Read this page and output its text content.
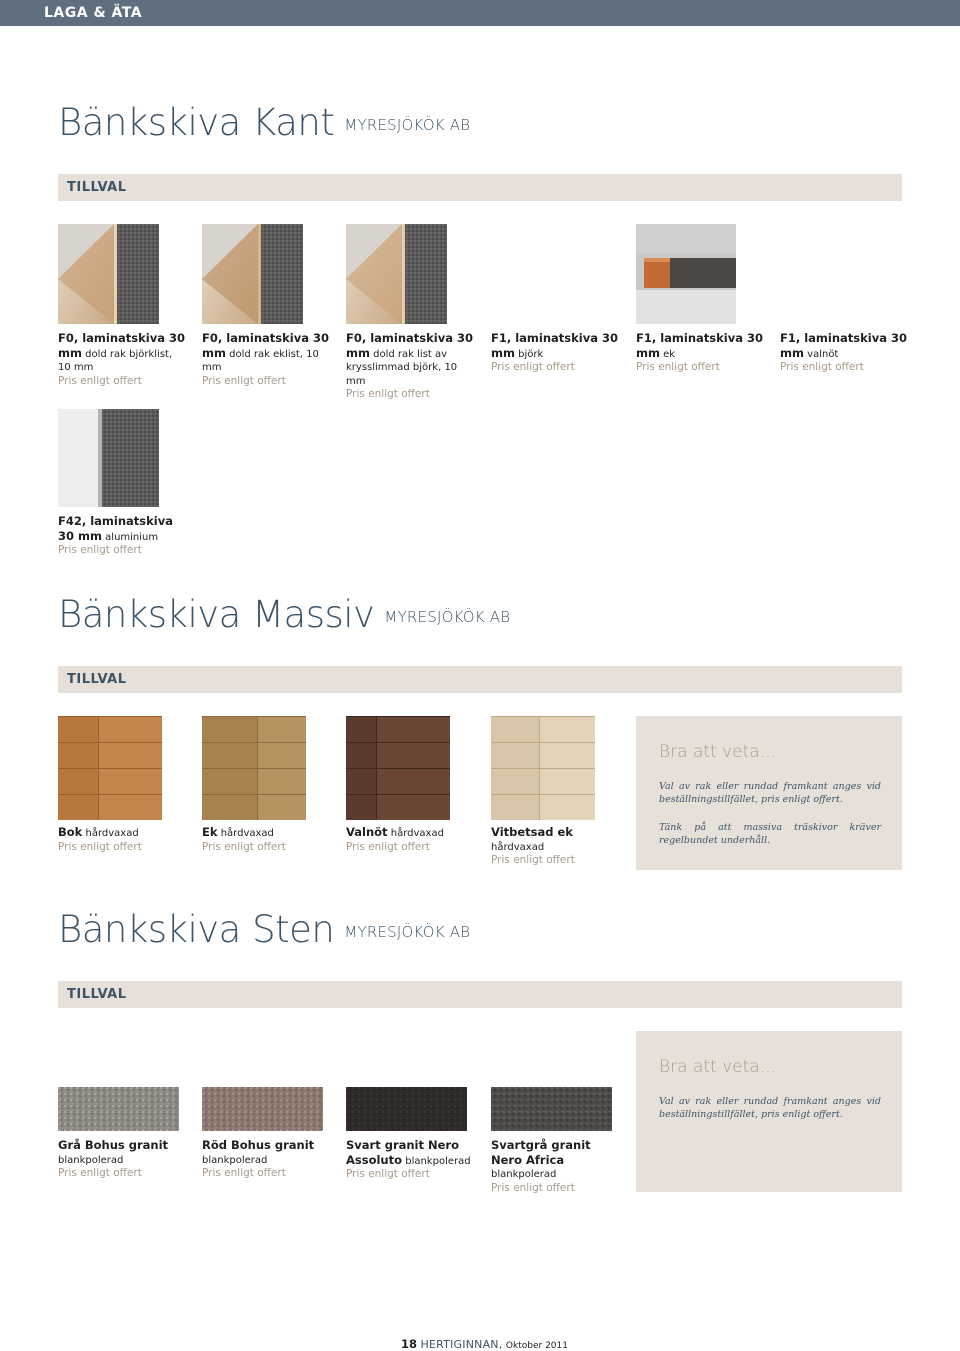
LAGA & ÄTA
Bänkskiva Kant MYRESJÖKÖK AB
TILLVAL
F0, laminatskiva 30 mm dold rak björklist, 10 mm
Pris enligt offert
F0, laminatskiva 30 mm dold rak eklist, 10 mm
Pris enligt offert
F0, laminatskiva 30 mm dold rak list av krysslimmad björk, 10 mm
Pris enligt offert
F1, laminatskiva 30 mm björk
Pris enligt offert
F1, laminatskiva 30 mm ek
Pris enligt offert
F1, laminatskiva 30 mm valnöt
Pris enligt offert
F42, laminatskiva 30 mm aluminium
Pris enligt offert
Bänkskiva Massiv MYRESJÖKÖK AB
TILLVAL
Bok hårdvaxad
Pris enligt offert
Ek hårdvaxad
Pris enligt offert
Valnöt hårdvaxad
Pris enligt offert
Vitbetsad ek
hårdvaxad
Pris enligt offert
Bra att veta...
Val av rak eller rundad framkant anges vid beställningstillfället, pris enligt offert.
Tänk på att massiva träskivor kräver regelbundet underhåll.
Bänkskiva Sten MYRESJÖKÖK AB
TILLVAL
Grå Bohus granit
blankpolerad
Pris enligt offert
Röd Bohus granit
blankpolerad
Pris enligt offert
Svart granit Nero Assoluto blankpolerad
Pris enligt offert
Svartgrå granit Nero Africa
blankpolerad
Pris enligt offert
Bra att veta...
Val av rak eller rundad framkant anges vid beställningstillfället, pris enligt offert.
18 HERTIGINNAN, Oktober 2011
